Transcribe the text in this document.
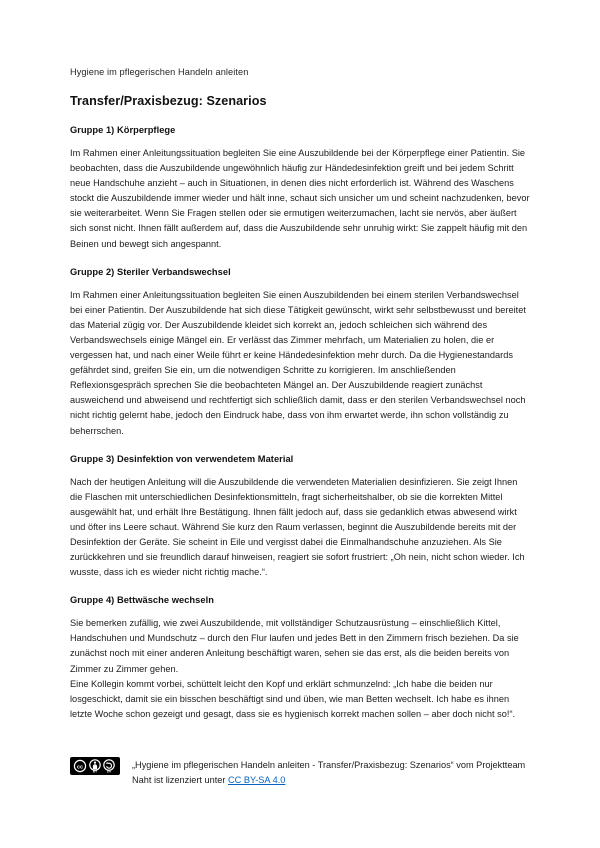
Hygiene im pflegerischen Handeln anleiten
Transfer/Praxisbezug: Szenarios
Gruppe 1) Körperpflege

Im Rahmen einer Anleitungssituation begleiten Sie eine Auszubildende bei der Körperpflege einer Patientin. Sie beobachten, dass die Auszubildende ungewöhnlich häufig zur Händedesinfektion greift und bei jedem Schritt neue Handschuhe anzieht – auch in Situationen, in denen dies nicht erforderlich ist. Während des Waschens stockt die Auszubildende immer wieder und hält inne, schaut sich unsicher um und scheint nachzudenken, bevor sie weiterarbeitet. Wenn Sie Fragen stellen oder sie ermutigen weiterzumachen, lacht sie nervös, aber äußert sich sonst nicht. Ihnen fällt außerdem auf, dass die Auszubildende sehr unruhig wirkt: Sie zappelt häufig mit den Beinen und bewegt sich angespannt.

Gruppe 2) Steriler Verbandswechsel

Im Rahmen einer Anleitungssituation begleiten Sie einen Auszubildenden bei einem sterilen Verbandswechsel bei einer Patientin. Der Auszubildende hat sich diese Tätigkeit gewünscht, wirkt sehr selbstbewusst und bereitet das Material zügig vor. Der Auszubildende kleidet sich korrekt an, jedoch schleichen sich während des Verbandswechsels einige Mängel ein. Er verlässt das Zimmer mehrfach, um Materialien zu holen, die er vergessen hat, und nach einer Weile führt er keine Händedesinfektion mehr durch. Da die Hygienestandards gefährdet sind, greifen Sie ein, um die notwendigen Schritte zu korrigieren. Im anschließenden Reflexionsgespräch sprechen Sie die beobachteten Mängel an. Der Auszubildende reagiert zunächst ausweichend und abweisend und rechtfertigt sich schließlich damit, dass er den sterilen Verbandswechsel noch nicht richtig gelernt habe, jedoch den Eindruck habe, dass von ihm erwartet werde, ihn schon vollständig zu beherrschen.

Gruppe 3) Desinfektion von verwendetem Material

Nach der heutigen Anleitung will die Auszubildende die verwendeten Materialien desinfizieren. Sie zeigt Ihnen die Flaschen mit unterschiedlichen Desinfektionsmitteln, fragt sicherheitshalber, ob sie die korrekten Mittel ausgewählt hat, und erhält Ihre Bestätigung. Ihnen fällt jedoch auf, dass sie gedanklich etwas abwesend wirkt und öfter ins Leere schaut. Während Sie kurz den Raum verlassen, beginnt die Auszubildende bereits mit der Desinfektion der Geräte. Sie scheint in Eile und vergisst dabei die Einmalhandschuhe anzuziehen. Als Sie zurückkehren und sie freundlich darauf hinweisen, reagiert sie sofort frustriert: „Oh nein, nicht schon wieder. Ich wusste, dass ich es wieder nicht richtig mache.“.

Gruppe 4) Bettwäsche wechseln

Sie bemerken zufällig, wie zwei Auszubildende, mit vollständiger Schutzausrüstung – einschließlich Kittel, Handschuhen und Mundschutz – durch den Flur laufen und jedes Bett in den Zimmern frisch beziehen. Da sie zunächst noch mit einer anderen Anleitung beschäftigt waren, sehen sie das erst, als die beiden bereits von Zimmer zu Zimmer gehen.

Eine Kollegin kommt vorbei, schüttelt leicht den Kopf und erklärt schmunzelnd: „Ich habe die beiden nur losgeschickt, damit sie ein bisschen beschäftigt sind und üben, wie man Betten wechselt. Ich habe es ihnen letzte Woche schon gezeigt und gesagt, dass sie es hygienisch korrekt machen sollen – aber doch nicht so!“.

cc
BY	SA

„Hygiene im pflegerischen Handeln anleiten - Transfer/Praxisbezug: Szenarios“ vom Projektteam Naht ist lizenziert unter CC BY-SA 4.0
